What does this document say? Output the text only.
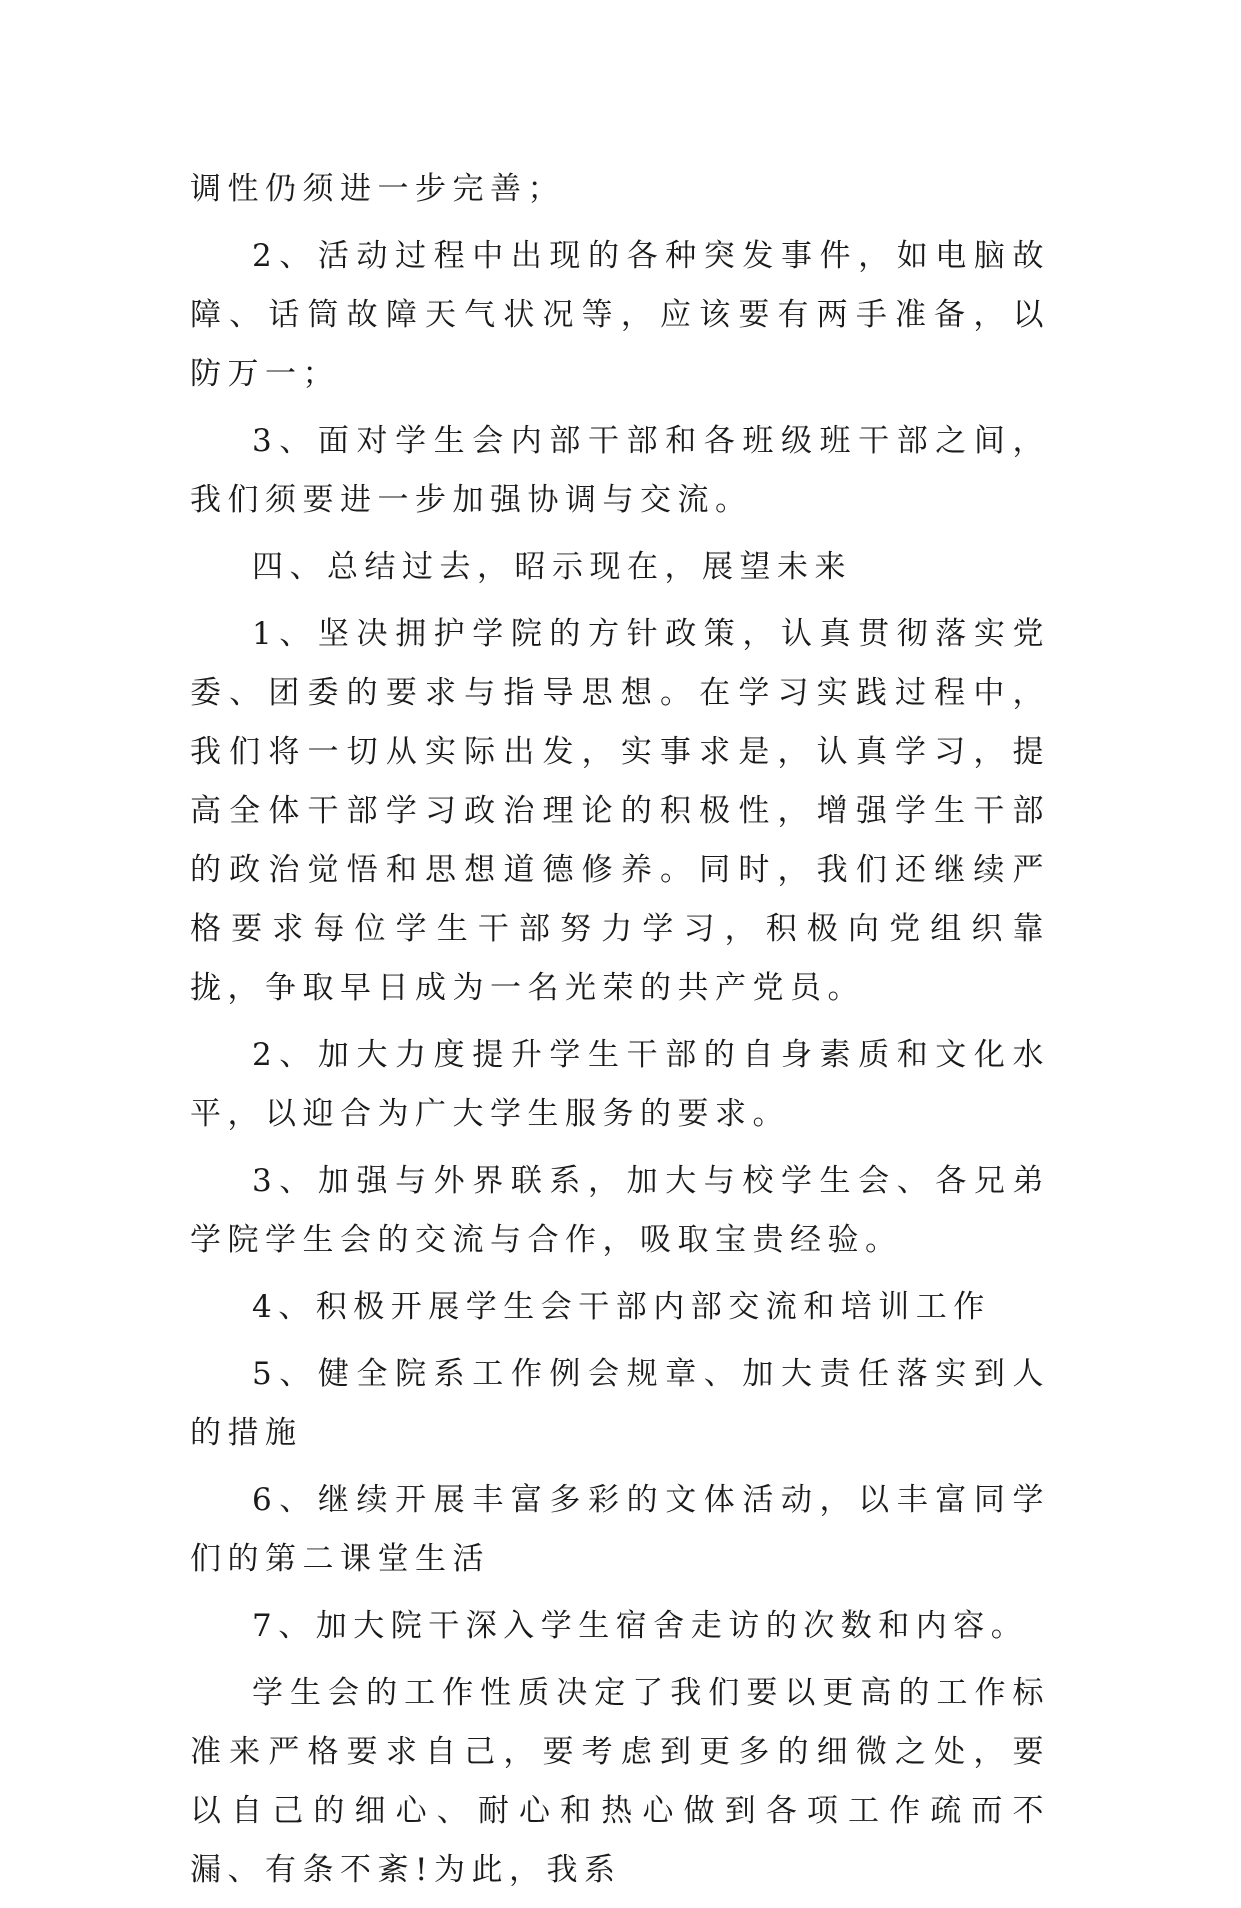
调性仍须进一步完善；

2、活动过程中出现的各种突发事件，如电脑故障、话筒故障天气状况等，应该要有两手准备，以防万一；

3、面对学生会内部干部和各班级班干部之间，我们须要进一步加强协调与交流。

四、总结过去，昭示现在，展望未来

1、坚决拥护学院的方针政策，认真贯彻落实党委、团委的要求与指导思想。在学习实践过程中，我们将一切从实际出发，实事求是，认真学习，提高全体干部学习政治理论的积极性，增强学生干部的政治觉悟和思想道德修养。同时，我们还继续严格要求每位学生干部努力学习，积极向党组织靠拢，争取早日成为一名光荣的共产党员。

2、加大力度提升学生干部的自身素质和文化水平，以迎合为广大学生服务的要求。

3、加强与外界联系，加大与校学生会、各兄弟学院学生会的交流与合作，吸取宝贵经验。

4、积极开展学生会干部内部交流和培训工作

5、健全院系工作例会规章、加大责任落实到人的措施

6、继续开展丰富多彩的文体活动，以丰富同学们的第二课堂生活

7、加大院干深入学生宿舍走访的次数和内容。

学生会的工作性质决定了我们要以更高的工作标准来严格要求自己，要考虑到更多的细微之处，要以自己的细心、耐心和热心做到各项工作疏而不漏、有条不紊!为此，我系
